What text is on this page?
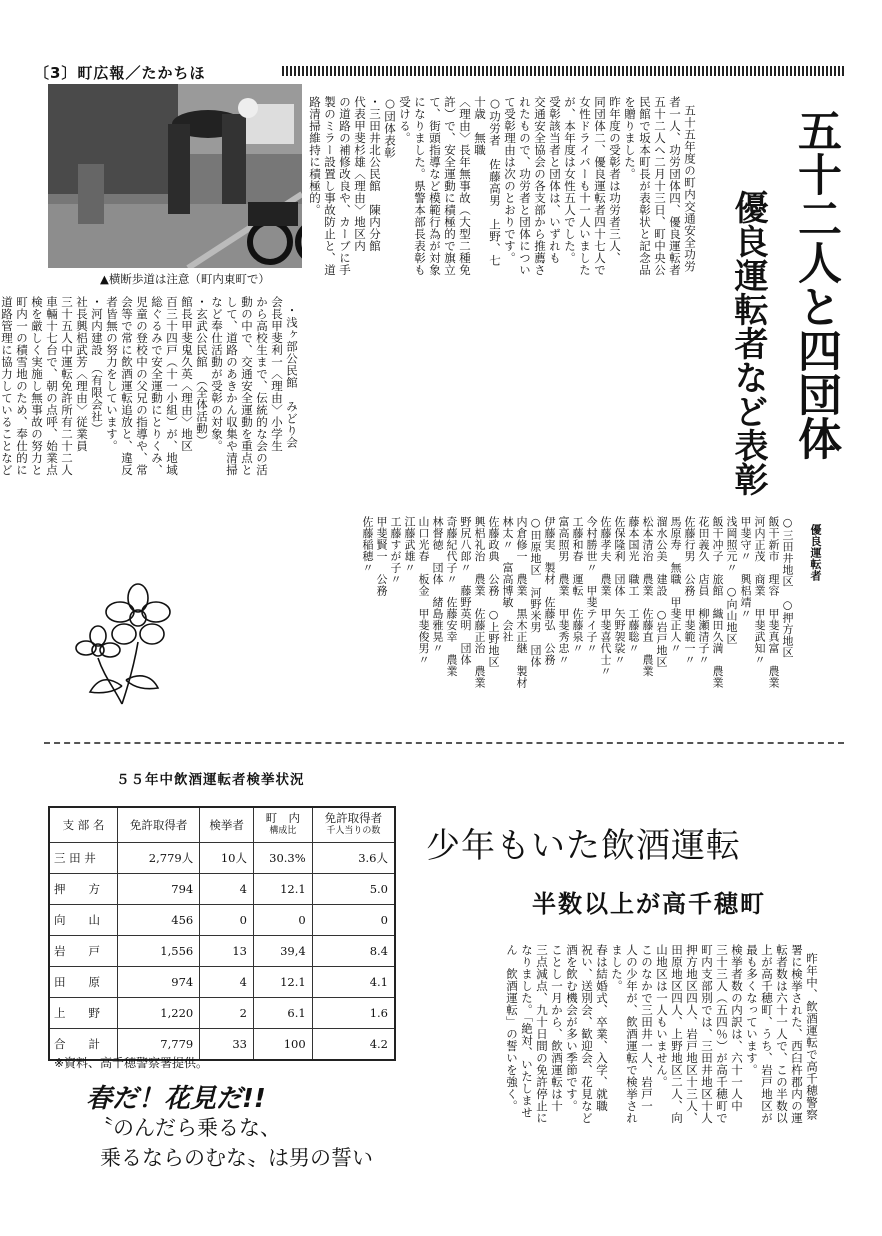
〔3〕町広報／たかちほ
▲横断歩道は注意（町内東町で）	五十二人と四団体
優良運転者など表彰

五十五年度の町内交通安全功労
者一人、功労団体四、優良運転者
五十二人へ二月十三日、町中央公
民館で坂本町長が表彰状と記念品
を贈りました。
昨年度の受彰者は功労者三人、
同団体二、優良運転者四十七人で
女性ドライバーも十一人いました
が、本年度は女性五人でした。
受彰該当者と団体は、いずれも
交通安全協会の各支部から推薦さ
れたもので、功労者と団体につい
て受彰理由は次のとおりです。
○功労者　佐藤高男　上野、七
十歳　無職
〈理由〉長年無事故（大型二種免
許）で、安全運動に積極的で旗立
て、街頭指導など模範行為が対象
になりました。県警本部長表彰も
受ける。
○団体表彰
・三田井北公民館　陳内分館
代表甲斐杉雄〈理由〉地区内
の道路の補修改良や、カーブに手
製のミラー設置し事故防止と、道
路清掃維持に積極的。

・浅ヶ部公民館　みどり会
会長甲斐利一〈理由〉小学生
から高校生まで、伝統的な会の活
動の中で、交通安全運動を重点と
して、道路のあきかん収集や清掃
など奉仕活動が受彰の対象。
・玄武公民館　（全体活動）
館長甲斐鬼久英〈理由〉地区
百三十四戸（十一小組）が、地域
総ぐるみで安全運動にとりくみ、
児童の登校中の父兄の指導や、常
会等で常に飲酒運転追放と、違反
者皆無の努力をしています。
・河内建設　（有限会社）
社長興梠武芳〈理由〉従業員
三十五人中運転免許所有二十二人
車輛十七台で、朝の点呼、始業点
検を厳しく実施し無事故の努力と
町内一の積雪地のため、奉仕的に
道路管理に協力していることなど

優良運転者

○三田井地区　○押方地区
飯干新市　理容　甲斐真富　農業
河内正茂　商業　甲斐武知〃
甲斐守〃　興梠靖〃
浅岡照元〃　○向山地区
飯干冲子　旅館　織田久満　農業
花田義久　店員　柳瀬清子〃
佐藤行男　公務　甲斐範一〃
馬原寿　無職　甲斐正人〃
溜水公美　建設　○岩戸地区
松本清治　農業　佐藤直　農業
藤本国光　職工　工藤聡〃
佐保隆利　団体　矢野袈裟〃
佐藤孝夫　農業　甲斐喜代士〃
今村勝世〃　甲斐テイ子〃
工藤和春　運転　佐藤泉〃
富高照男　農業　甲斐秀忠〃
伊藤実　製材　佐藤弘　公務
○田原地区　河野米男　団体
内倉修一　農業　黒木正継　製材
林太〃　富高博敏　会社
佐藤政典　公務　○上野地区
興梠礼治　農業　佐藤正治　農業
野尻八郎〃　藤野英明　団体
奇藤紀代子〃　佐藤安幸　農業
林督徳　団体　緒島雅晃〃
山口光春　板金　甲斐俊男〃
江藤武雄〃
工藤すが子〃
甲斐賢一　公務
佐藤稲穂〃

５５年中飲酒運転者検挙状況
支 部 名	免許取得者	検挙者	町　内
構成比	免許取得者
千人当りの数

三 田 井	2,779人	10人	30.3%	3.6人
押　　方	794	4	12.1	5.0
向　　山	456	0	0	0
岩　　戸	1,556	13	39,4	8.4
田　　原	974	4	12.1	4.1
上　　野	1,220	2	6.1	1.6
合　　計	7,779	33	100	4.2
※資料、高千穂警察署提供。
春だ！花見だ!!
〝のんだら乗るな、
乗るならのむな〟は男の誓い
少年もいた飲酒運転
半数以上が高千穂町

昨年中、飲酒運転で高千穂警察
署に検挙された、西臼杵郡内の運
転者数は六十一人で、この半数以
上が高千穂町、うち、岩戸地区が
最も多くなっています。
検挙者数の内訳は、六十一人中
三十三人（五四％）が高千穂町で
町内支部別では、三田井地区十人
押方地区四人、岩戸地区十三人、
田原地区四人、上野地区二人、向
山地区は一人もいません。
このなかで三田井一人、岩戸一
人の少年が、飲酒運転で検挙され
ました。
春は結婚式、卒業、入学、就職
祝い、送別会、歓迎会、花見など
酒を飲む機会が多い季節です。
ことし一月から、飲酒運転は十
三点減点、九十日間の免許停止に
なりました。「絶対、いたしませ
ん　飲酒運転」の誓いを強く。
